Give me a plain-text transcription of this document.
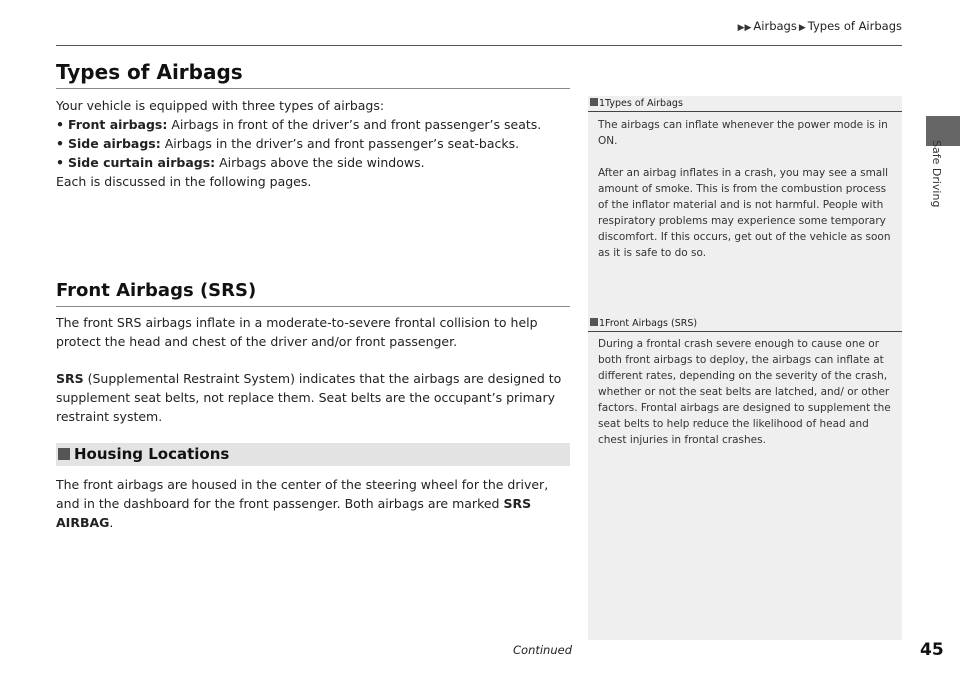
▶▶ Airbags ▶ Types of Airbags
Safe Driving
Types of Airbags
Your vehicle is equipped with three types of airbags:
• Front airbags: Airbags in front of the driver’s and front passenger’s seats.
• Side airbags: Airbags in the driver’s and front passenger’s seat-backs.
• Side curtain airbags: Airbags above the side windows.
Each is discussed in the following pages.
Front Airbags (SRS)
The front SRS airbags inflate in a moderate-to-severe frontal collision to help protect the head and chest of the driver and/or front passenger.
SRS (Supplemental Restraint System) indicates that the airbags are designed to supplement seat belts, not replace them. Seat belts are the occupant’s primary restraint system.
Housing Locations
The front airbags are housed in the center of the steering wheel for the driver, and in the dashboard for the front passenger. Both airbags are marked SRS AIRBAG.
1Types of Airbags
The airbags can inflate whenever the power mode is in ON.
After an airbag inflates in a crash, you may see a small amount of smoke. This is from the combustion process of the inflator material and is not harmful. People with respiratory problems may experience some temporary discomfort. If this occurs, get out of the vehicle as soon as it is safe to do so.
1Front Airbags (SRS)
During a frontal crash severe enough to cause one or both front airbags to deploy, the airbags can inflate at different rates, depending on the severity of the crash, whether or not the seat belts are latched, and/ or other factors. Frontal airbags are designed to supplement the seat belts to help reduce the likelihood of head and chest injuries in frontal crashes.
Continued	45
